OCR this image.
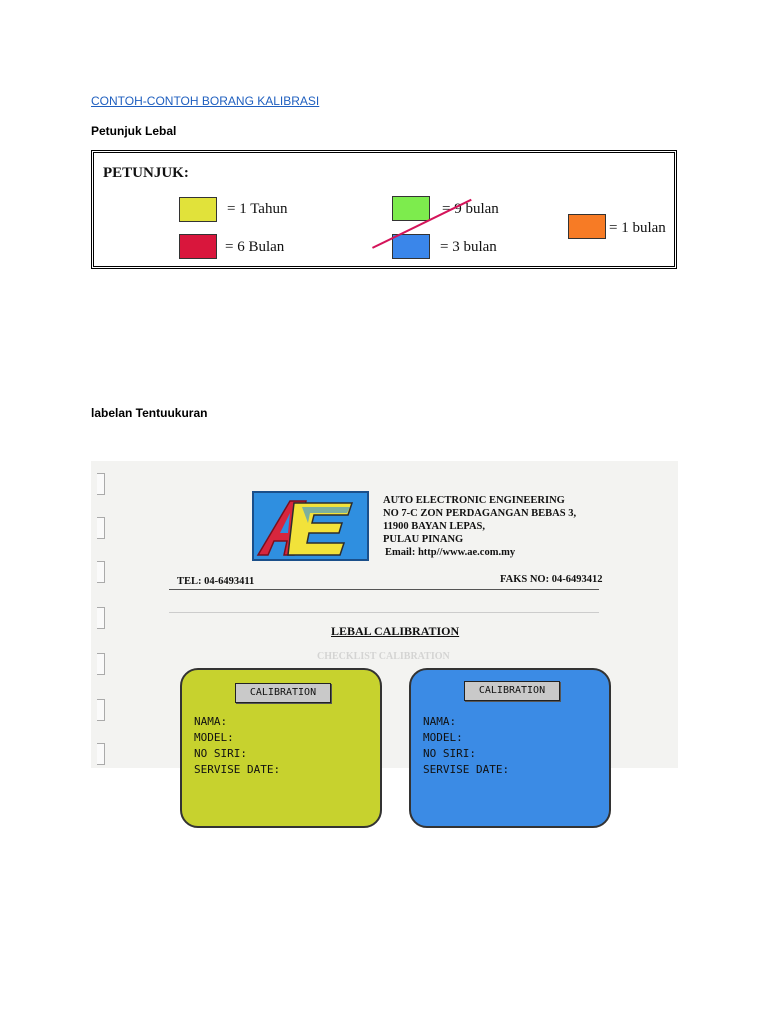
CONTOH-CONTOH BORANG KALIBRASI
Petunjuk Lebal
PETUNJUK:
= 1 Tahun	= 9 bulan
= 1 bulan
= 6 Bulan	= 3 bulan
labelan Tentuukuran
AUTO ELECTRONIC ENGINEERING
NO 7-C ZON PERDAGANGAN BEBAS 3,
11900 BAYAN LEPAS,
PULAU PINANG
Email: http//www.ae.com.my
TEL: 04-6493411	FAKS NO: 04-6493412
LEBAL CALIBRATION
CHECKLIST CALIBRATION
CALIBRATION
NAMA:
MODEL:
NO SIRI:
SERVISE DATE:
CALIBRATION
NAMA:
MODEL:
NO SIRI:
SERVISE DATE:
